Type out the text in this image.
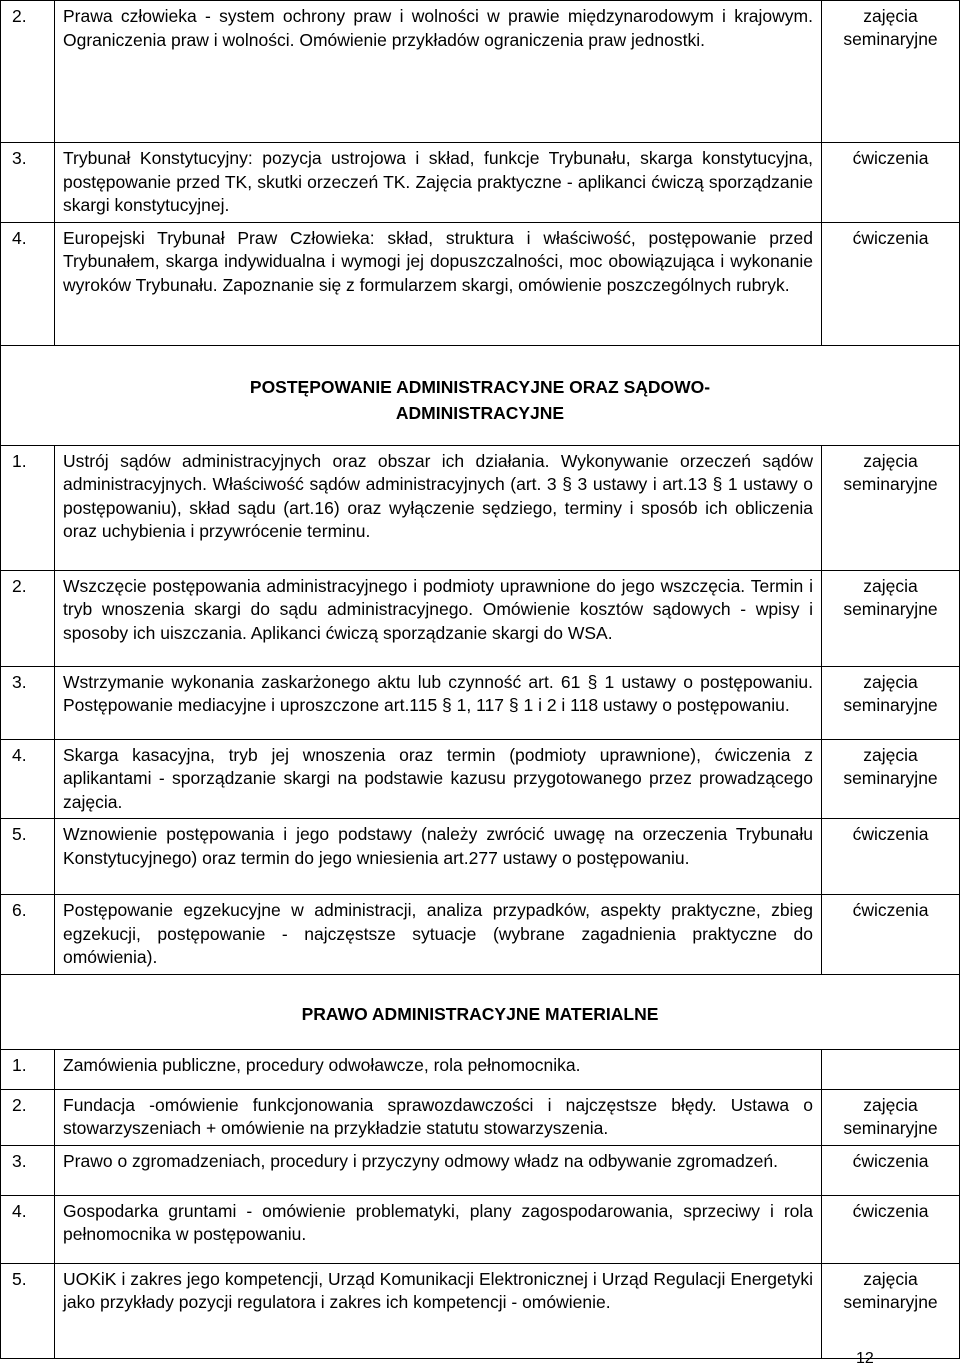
2.	Prawa człowieka - system ochrony praw i wolności w prawie międzynarodowym i krajowym. Ograniczenia praw i wolności. Omówienie przykładów ograniczenia praw jednostki.	zajęcia
seminaryjne

3.	Trybunał Konstytucyjny: pozycja ustrojowa i skład, funkcje Trybunału, skarga konstytucyjna, postępowanie przed TK, skutki orzeczeń TK. Zajęcia praktyczne - aplikanci ćwiczą sporządzanie skargi konstytucyjnej.	ćwiczenia

4.	Europejski Trybunał Praw Człowieka: skład, struktura i właściwość, postępowanie przed Trybunałem, skarga indywidualna i wymogi jej dopuszczalności, moc obowiązująca i wykonanie wyroków Trybunału. Zapoznanie się z formularzem skargi, omówienie poszczególnych rubryk.	ćwiczenia

POSTĘPOWANIE ADMINISTRACYJNE ORAZ SĄDOWO-
ADMINISTRACYJNE		

1.	Ustrój sądów administracyjnych oraz obszar ich działania. Wykonywanie orzeczeń sądów administracyjnych. Właściwość sądów administracyjnych (art. 3 § 3 ustawy i art.13 § 1 ustawy o postępowaniu), skład sądu (art.16) oraz wyłączenie sędziego, terminy i sposób ich obliczenia oraz uchybienia i przywrócenie terminu.	zajęcia
seminaryjne

2.	Wszczęcie postępowania administracyjnego i podmioty uprawnione do jego wszczęcia. Termin i tryb wnoszenia skargi do sądu administracyjnego. Omówienie kosztów sądowych - wpisy i sposoby ich uiszczania. Aplikanci ćwiczą sporządzanie skargi do WSA.	zajęcia
seminaryjne

3.	Wstrzymanie wykonania zaskarżonego aktu lub czynność art. 61 § 1 ustawy o postępowaniu. Postępowanie mediacyjne i uproszczone art.115 § 1, 117 § 1 i 2 i 118 ustawy o postępowaniu.	zajęcia
seminaryjne

4.	Skarga kasacyjna, tryb jej wnoszenia oraz termin (podmioty uprawnione), ćwiczenia z aplikantami - sporządzanie skargi na podstawie kazusu przygotowanego przez prowadzącego zajęcia.	zajęcia
seminaryjne

5.	Wznowienie postępowania i jego podstawy (należy zwrócić uwagę na orzeczenia Trybunału Konstytucyjnego) oraz termin do jego wniesienia art.277 ustawy o postępowaniu.	ćwiczenia

6.	Postępowanie egzekucyjne w administracji, analiza przypadków, aspekty praktyczne, zbieg egzekucji, postępowanie - najczęstsze sytuacje (wybrane zagadnienia praktyczne do omówienia).	ćwiczenia

PRAWO ADMINISTRACYJNE MATERIALNE		

1.	Zamówienia publiczne, procedury odwoławcze, rola pełnomocnika.	
2.	Fundacja -omówienie funkcjonowania sprawozdawczości i najczęstsze błędy. Ustawa o stowarzyszeniach + omówienie na przykładzie statutu stowarzyszenia.	zajęcia
seminaryjne

3.	Prawo o zgromadzeniach, procedury i przyczyny odmowy władz na odbywanie zgromadzeń.	ćwiczenia

4.	Gospodarka gruntami - omówienie problematyki, plany zagospodarowania, sprzeciwy i rola pełnomocnika w postępowaniu.	ćwiczenia

5.	UOKiK i zakres jego kompetencji, Urząd Komunikacji Elektronicznej i Urząd Regulacji Energetyki jako przykłady pozycji regulatora i zakres ich kompetencji - omówienie.	zajęcia
seminaryjne
12
